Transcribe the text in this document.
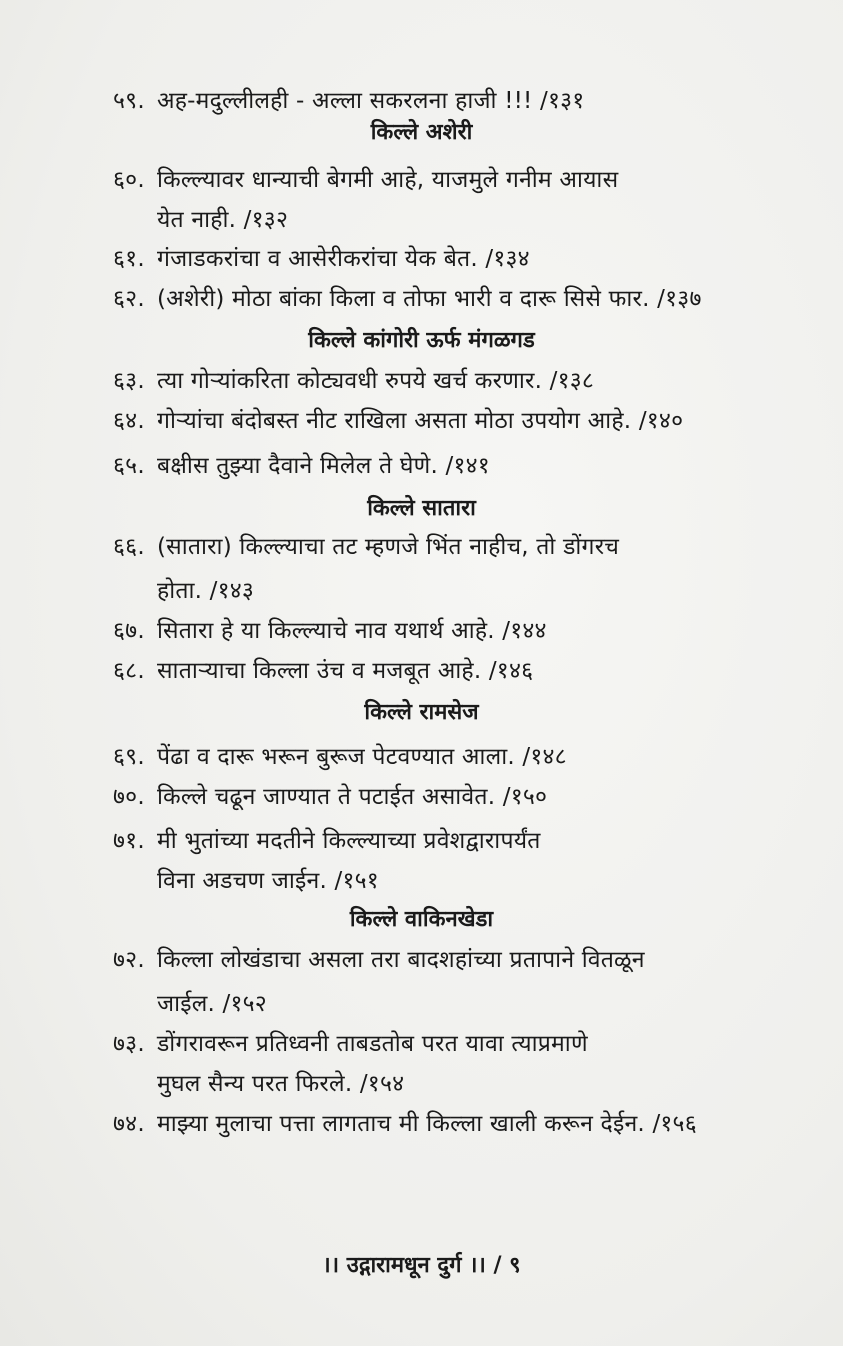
५९. अह-मदुल्लीलही - अल्ला सकरलना हाजी !!! /१३१
किल्ले अशेरी
६०. किल्ल्यावर धान्याची बेगमी आहे, याजमुले गनीम आयास
येत नाही. /१३२
६१. गंजाडकरांचा व आसेरीकरांचा येक बेत. /१३४
६२. (अशेरी) मोठा बांका किला व तोफा भारी व दारू सिसे फार. /१३७
किल्ले कांगोरी ऊर्फ मंगळगड
६३. त्या गोऱ्यांकरिता कोट्यवधी रुपये खर्च करणार. /१३८
६४. गोऱ्यांचा बंदोबस्त नीट राखिला असता मोठा उपयोग आहे. /१४०
६५. बक्षीस तुझ्या दैवाने मिलेल ते घेणे. /१४१
किल्ले सातारा
६६. (सातारा) किल्ल्याचा तट म्हणजे भिंत नाहीच, तो डोंगरच
होता. /१४३
६७. सितारा हे या किल्ल्याचे नाव यथार्थ आहे. /१४४
६८. साताऱ्याचा किल्ला उंच व मजबूत आहे. /१४६
किल्ले रामसेज
६९. पेंढा व दारू भरून बुरूज पेटवण्यात आला. /१४८
७०. किल्ले चढून जाण्यात ते पटाईत असावेत. /१५०
७१. मी भुतांच्या मदतीने किल्ल्याच्या प्रवेशद्वारापर्यंत
विना अडचण जाईन. /१५१
किल्ले वाकिनखेडा
७२. किल्ला लोखंडाचा असला तरा बादशहांच्या प्रतापाने वितळून
जाईल. /१५२
७३. डोंगरावरून प्रतिध्वनी ताबडतोब परत यावा त्याप्रमाणे
मुघल सैन्य परत फिरले. /१५४
७४. माझ्या मुलाचा पत्ता लागताच मी किल्ला खाली करून देईन. /१५६
।। उद्गारामधून दुर्ग ।। / ९
